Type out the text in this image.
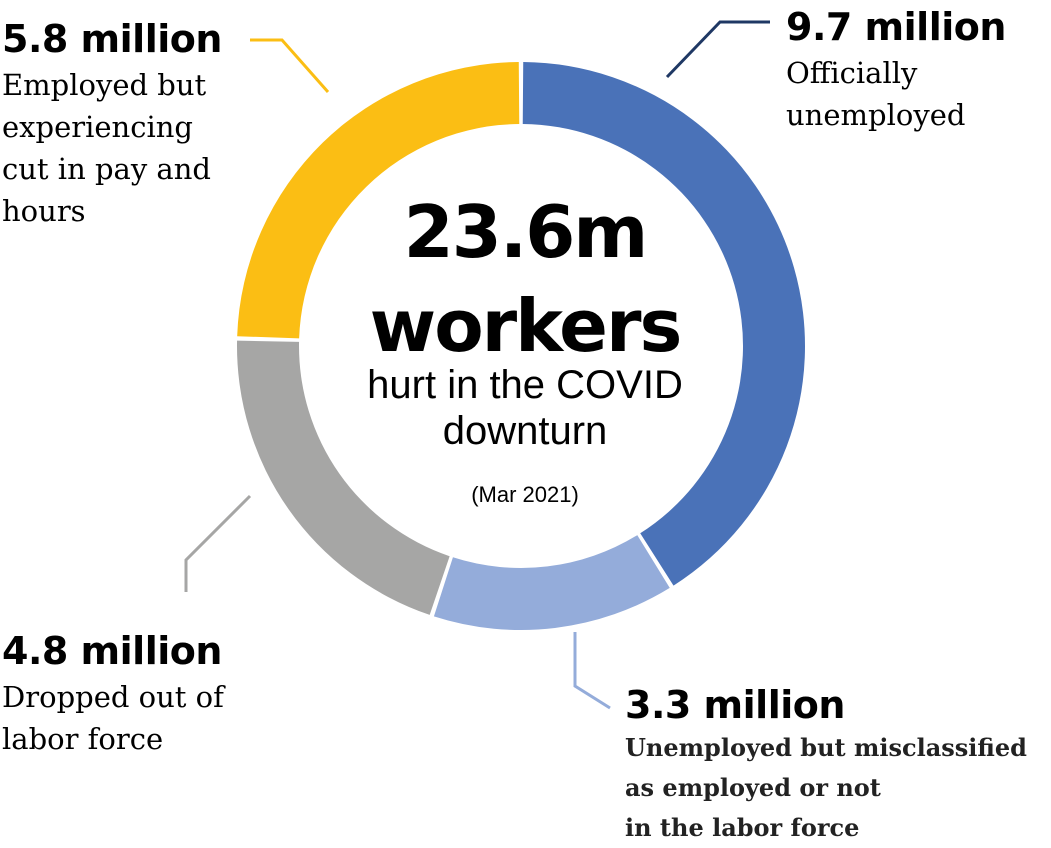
23.6m
workers
hurt in the COVID
downturn
(Mar 2021)
9.7 million
Officially
unemployed
5.8 million
Employed but
experiencing
cut in pay and
hours
4.8 million
Dropped out of
labor force
3.3 million
Unemployed but misclassified
as employed or not
in the labor force
